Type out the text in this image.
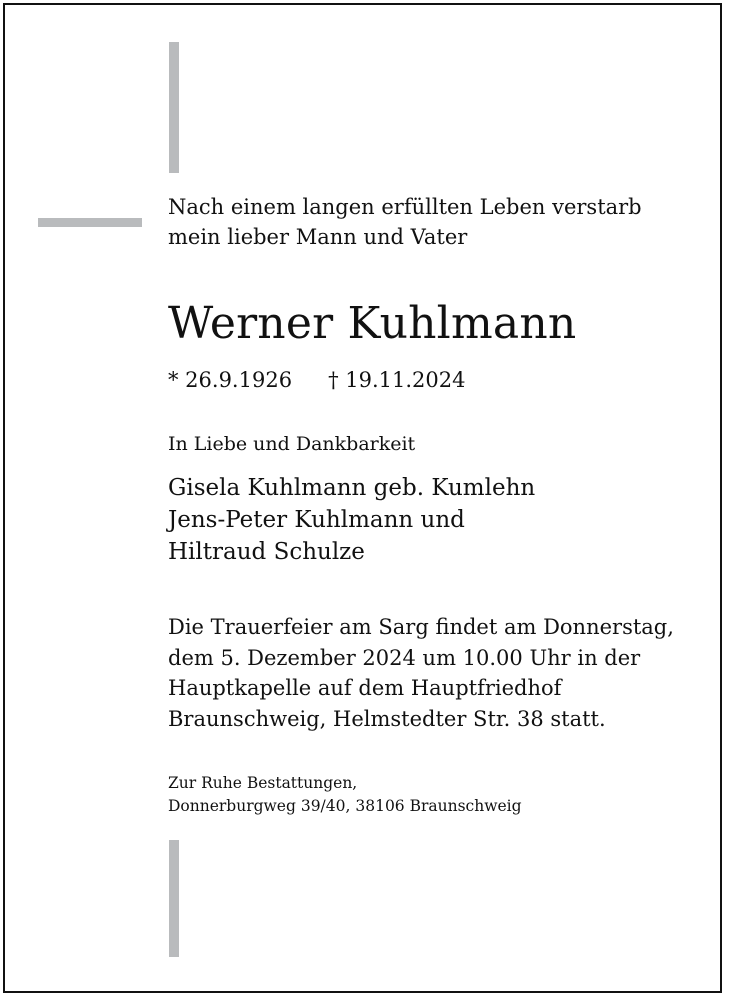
Nach einem langen erfüllten Leben verstarb
mein lieber Mann und Vater

Werner Kuhlmann

* 26.9.1926 † 19.11.2024

In Liebe und Dankbarkeit

Gisela Kuhlmann geb. Kumlehn
Jens-Peter Kuhlmann und
Hiltraud Schulze

Die Trauerfeier am Sarg findet am Donnerstag,
dem 5. Dezember 2024 um 10.00 Uhr in der
Hauptkapelle auf dem Hauptfriedhof
Braunschweig, Helmstedter Str. 38 statt.

Zur Ruhe Bestattungen,
Donnerburgweg 39/40, 38106 Braunschweig
